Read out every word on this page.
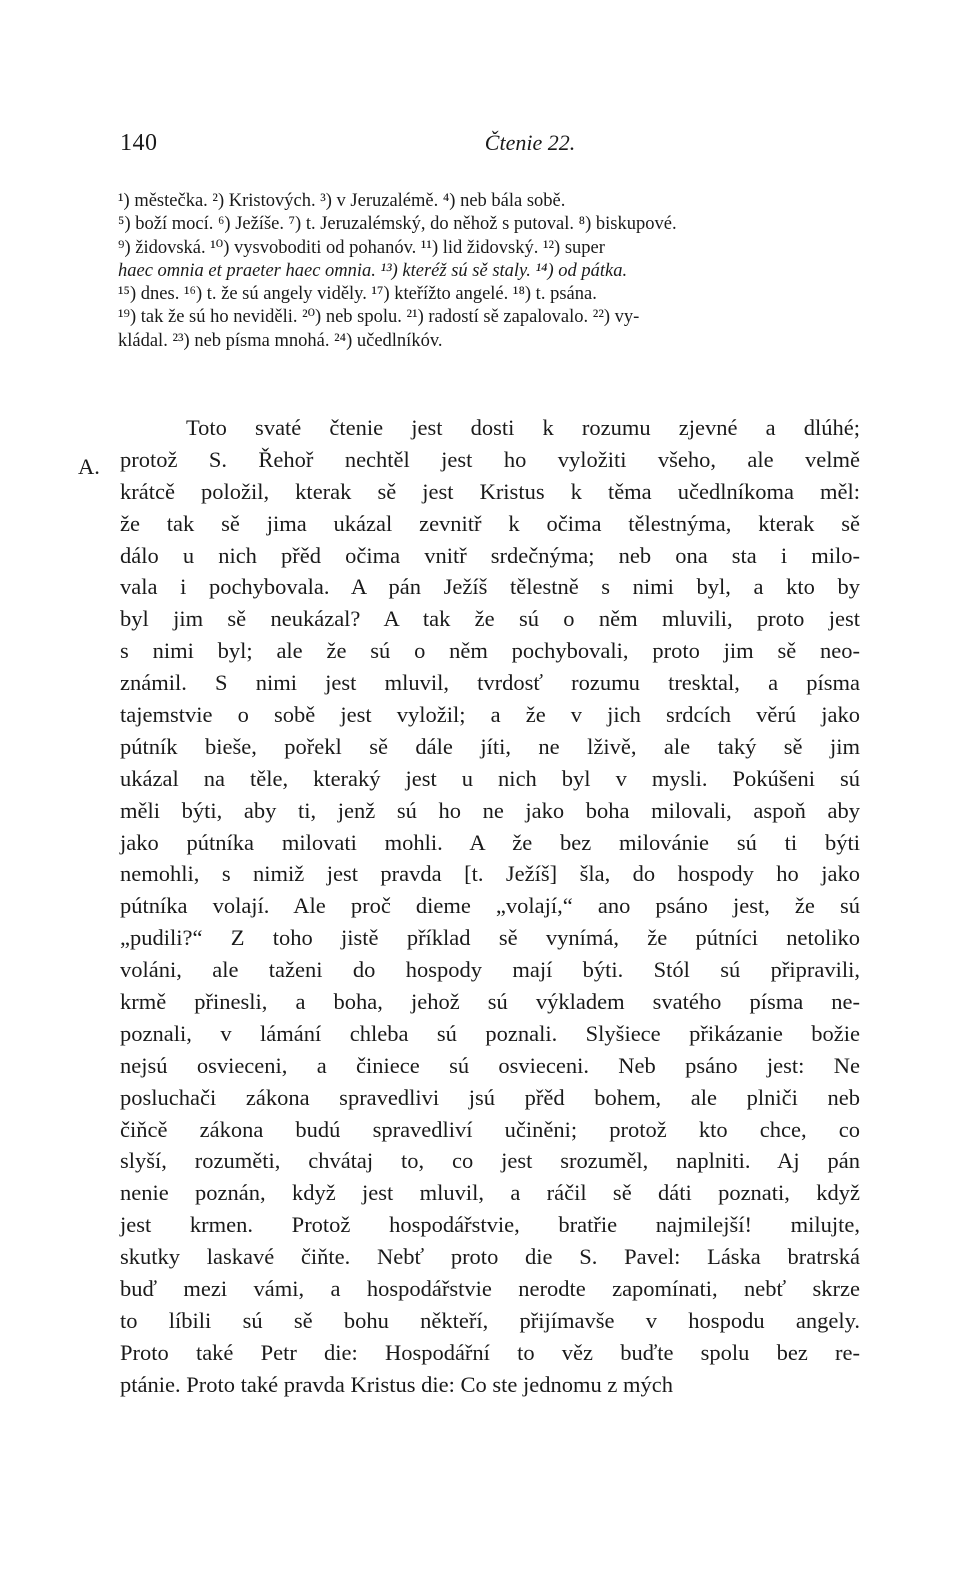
140	Čtenie 22.
¹) městečka. ²) Kristových. ³) v Jeruzalémě. ⁴) neb bála sobě.
⁵) boží mocí. ⁶) Ježíše. ⁷) t. Jeruzalémský, do něhož s putoval. ⁸) biskupové.
⁹) židovská. ¹⁰) vysvoboditi od pohanóv. ¹¹) lid židovský. ¹²) super
haec omnia et praeter haec omnia. ¹³) kteréž sú sě staly. ¹⁴) od pátka.
¹⁵) dnes. ¹⁶) t. že sú angely viděly. ¹⁷) kteřížto angelé. ¹⁸) t. psána.
¹⁹) tak že sú ho neviděli. ²⁰) neb spolu. ²¹) radostí sě zapalovalo. ²²) vy-
kládal. ²³) neb písma mnohá. ²⁴) učedlníkóv.
A.
Toto svaté čtenie jest dosti k rozumu zjevné a dlúhé;
protož S. Řehoř nechtěl jest ho vyložiti všeho, ale velmě
krátcě položil, kterak sě jest Kristus k těma učedlníkoma měl:
že tak sě jima ukázal zevnitř k očima tělestnýma, kterak sě
dálo u nich přěd očima vnitř srdečnýma; neb ona sta i milo-
vala i pochybovala. A pán Ježíš tělestně s nimi byl, a kto by
byl jim sě neukázal? A tak že sú o něm mluvili, proto jest
s nimi byl; ale že sú o něm pochybovali, proto jim sě neo-
známil. S nimi jest mluvil, tvrdosť rozumu tresktal, a písma
tajemstvie o sobě jest vyložil; a že v jich srdcích věrú jako
pútník bieše, pořekl sě dále jíti, ne lživě, ale taký sě jim
ukázal na těle, kteraký jest u nich byl v mysli. Pokúšeni sú
měli býti, aby ti, jenž sú ho ne jako boha milovali, aspoň aby
jako pútníka milovati mohli. A že bez milovánie sú ti býti
nemohli, s nimiž jest pravda [t. Ježíš] šla, do hospody ho jako
pútníka volají. Ale proč dieme „volají,“ ano psáno jest, že sú
„pudili?“ Z toho jistě příklad sě vynímá, že pútníci netoliko
voláni, ale taženi do hospody mají býti. Stól sú připravili,
krmě přinesli, a boha, jehož sú výkladem svatého písma ne-
poznali, v lámání chleba sú poznali. Slyšiece přikázanie božie
nejsú osvieceni, a činiece sú osvieceni. Neb psáno jest: Ne
posluchači zákona spravedlivi jsú přěd bohem, ale plniči neb
čiňcě zákona budú spravedliví učiněni; protož kto chce, co
slyší, rozuměti, chvátaj to, co jest srozuměl, naplniti. Aj pán
nenie poznán, když jest mluvil, a ráčil sě dáti poznati, když
jest krmen. Protož hospodářstvie, bratřie najmilejší! milujte,
skutky laskavé čiňte. Nebť proto die S. Pavel: Láska bratrská
buď mezi vámi, a hospodářstvie nerodte zapomínati, nebť skrze
to líbili sú sě bohu někteří, přijímavše v hospodu angely.
Proto také Petr die: Hospodářní to věz buďte spolu bez re-
ptánie. Proto také pravda Kristus die: Co ste jednomu z mých
